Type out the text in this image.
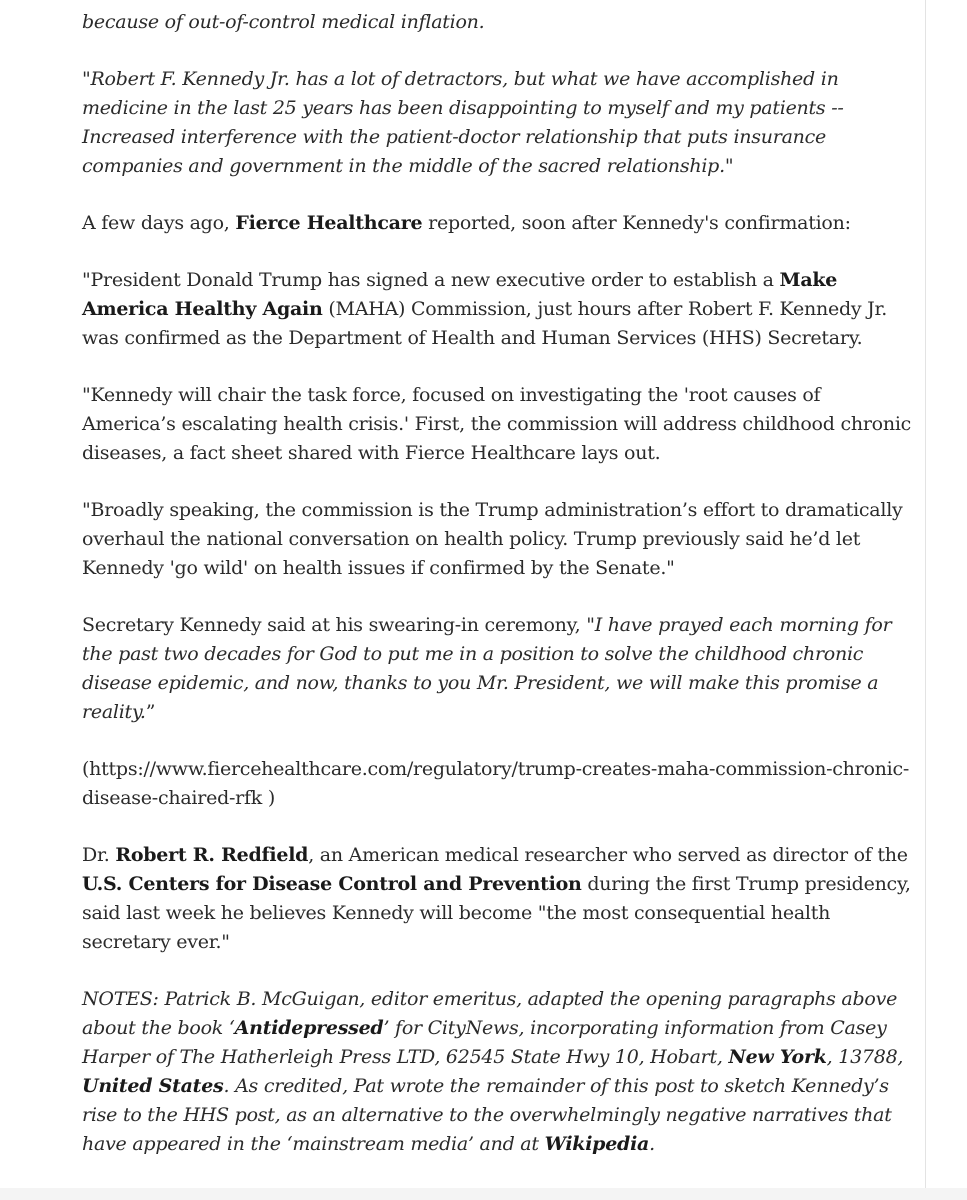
because of out-of-control medical inflation.

"Robert F. Kennedy Jr. has a lot of detractors, but what we have accomplished in medicine in the last 25 years has been disappointing to myself and my patients -- Increased interference with the patient-doctor relationship that puts insurance companies and government in the middle of the sacred relationship."

A few days ago, Fierce Healthcare reported, soon after Kennedy's confirmation:

"President Donald Trump has signed a new executive order to establish a Make America Healthy Again (MAHA) Commission, just hours after Robert F. Kennedy Jr. was confirmed as the Department of Health and Human Services (HHS) Secretary.

"Kennedy will chair the task force, focused on investigating the 'root causes of America’s escalating health crisis.' First, the commission will address childhood chronic diseases, a fact sheet shared with Fierce Healthcare lays out.

"Broadly speaking, the commission is the Trump administration’s effort to dramatically overhaul the national conversation on health policy. Trump previously said he’d let Kennedy 'go wild' on health issues if confirmed by the Senate."

Secretary Kennedy said at his swearing-in ceremony, "I have prayed each morning for the past two decades for God to put me in a position to solve the childhood chronic disease epidemic, and now, thanks to you Mr. President, we will make this promise a reality.”

(https://www.fiercehealthcare.com/regulatory/trump-creates-maha-commission-chronic-disease-chaired-rfk )

Dr. Robert R. Redfield, an American medical researcher who served as director of the U.S. Centers for Disease Control and Prevention during the first Trump presidency, said last week he believes Kennedy will become "the most consequential health secretary ever."

NOTES: Patrick B. McGuigan, editor emeritus, adapted the opening paragraphs above about the book ‘Antidepressed’ for CityNews, incorporating information from Casey Harper of The Hatherleigh Press LTD, 62545 State Hwy 10, Hobart, New York, 13788, United States. As credited, Pat wrote the remainder of this post to sketch Kennedy’s rise to the HHS post, as an alternative to the overwhelmingly negative narratives that have appeared in the ‘mainstream media’ and at Wikipedia.
